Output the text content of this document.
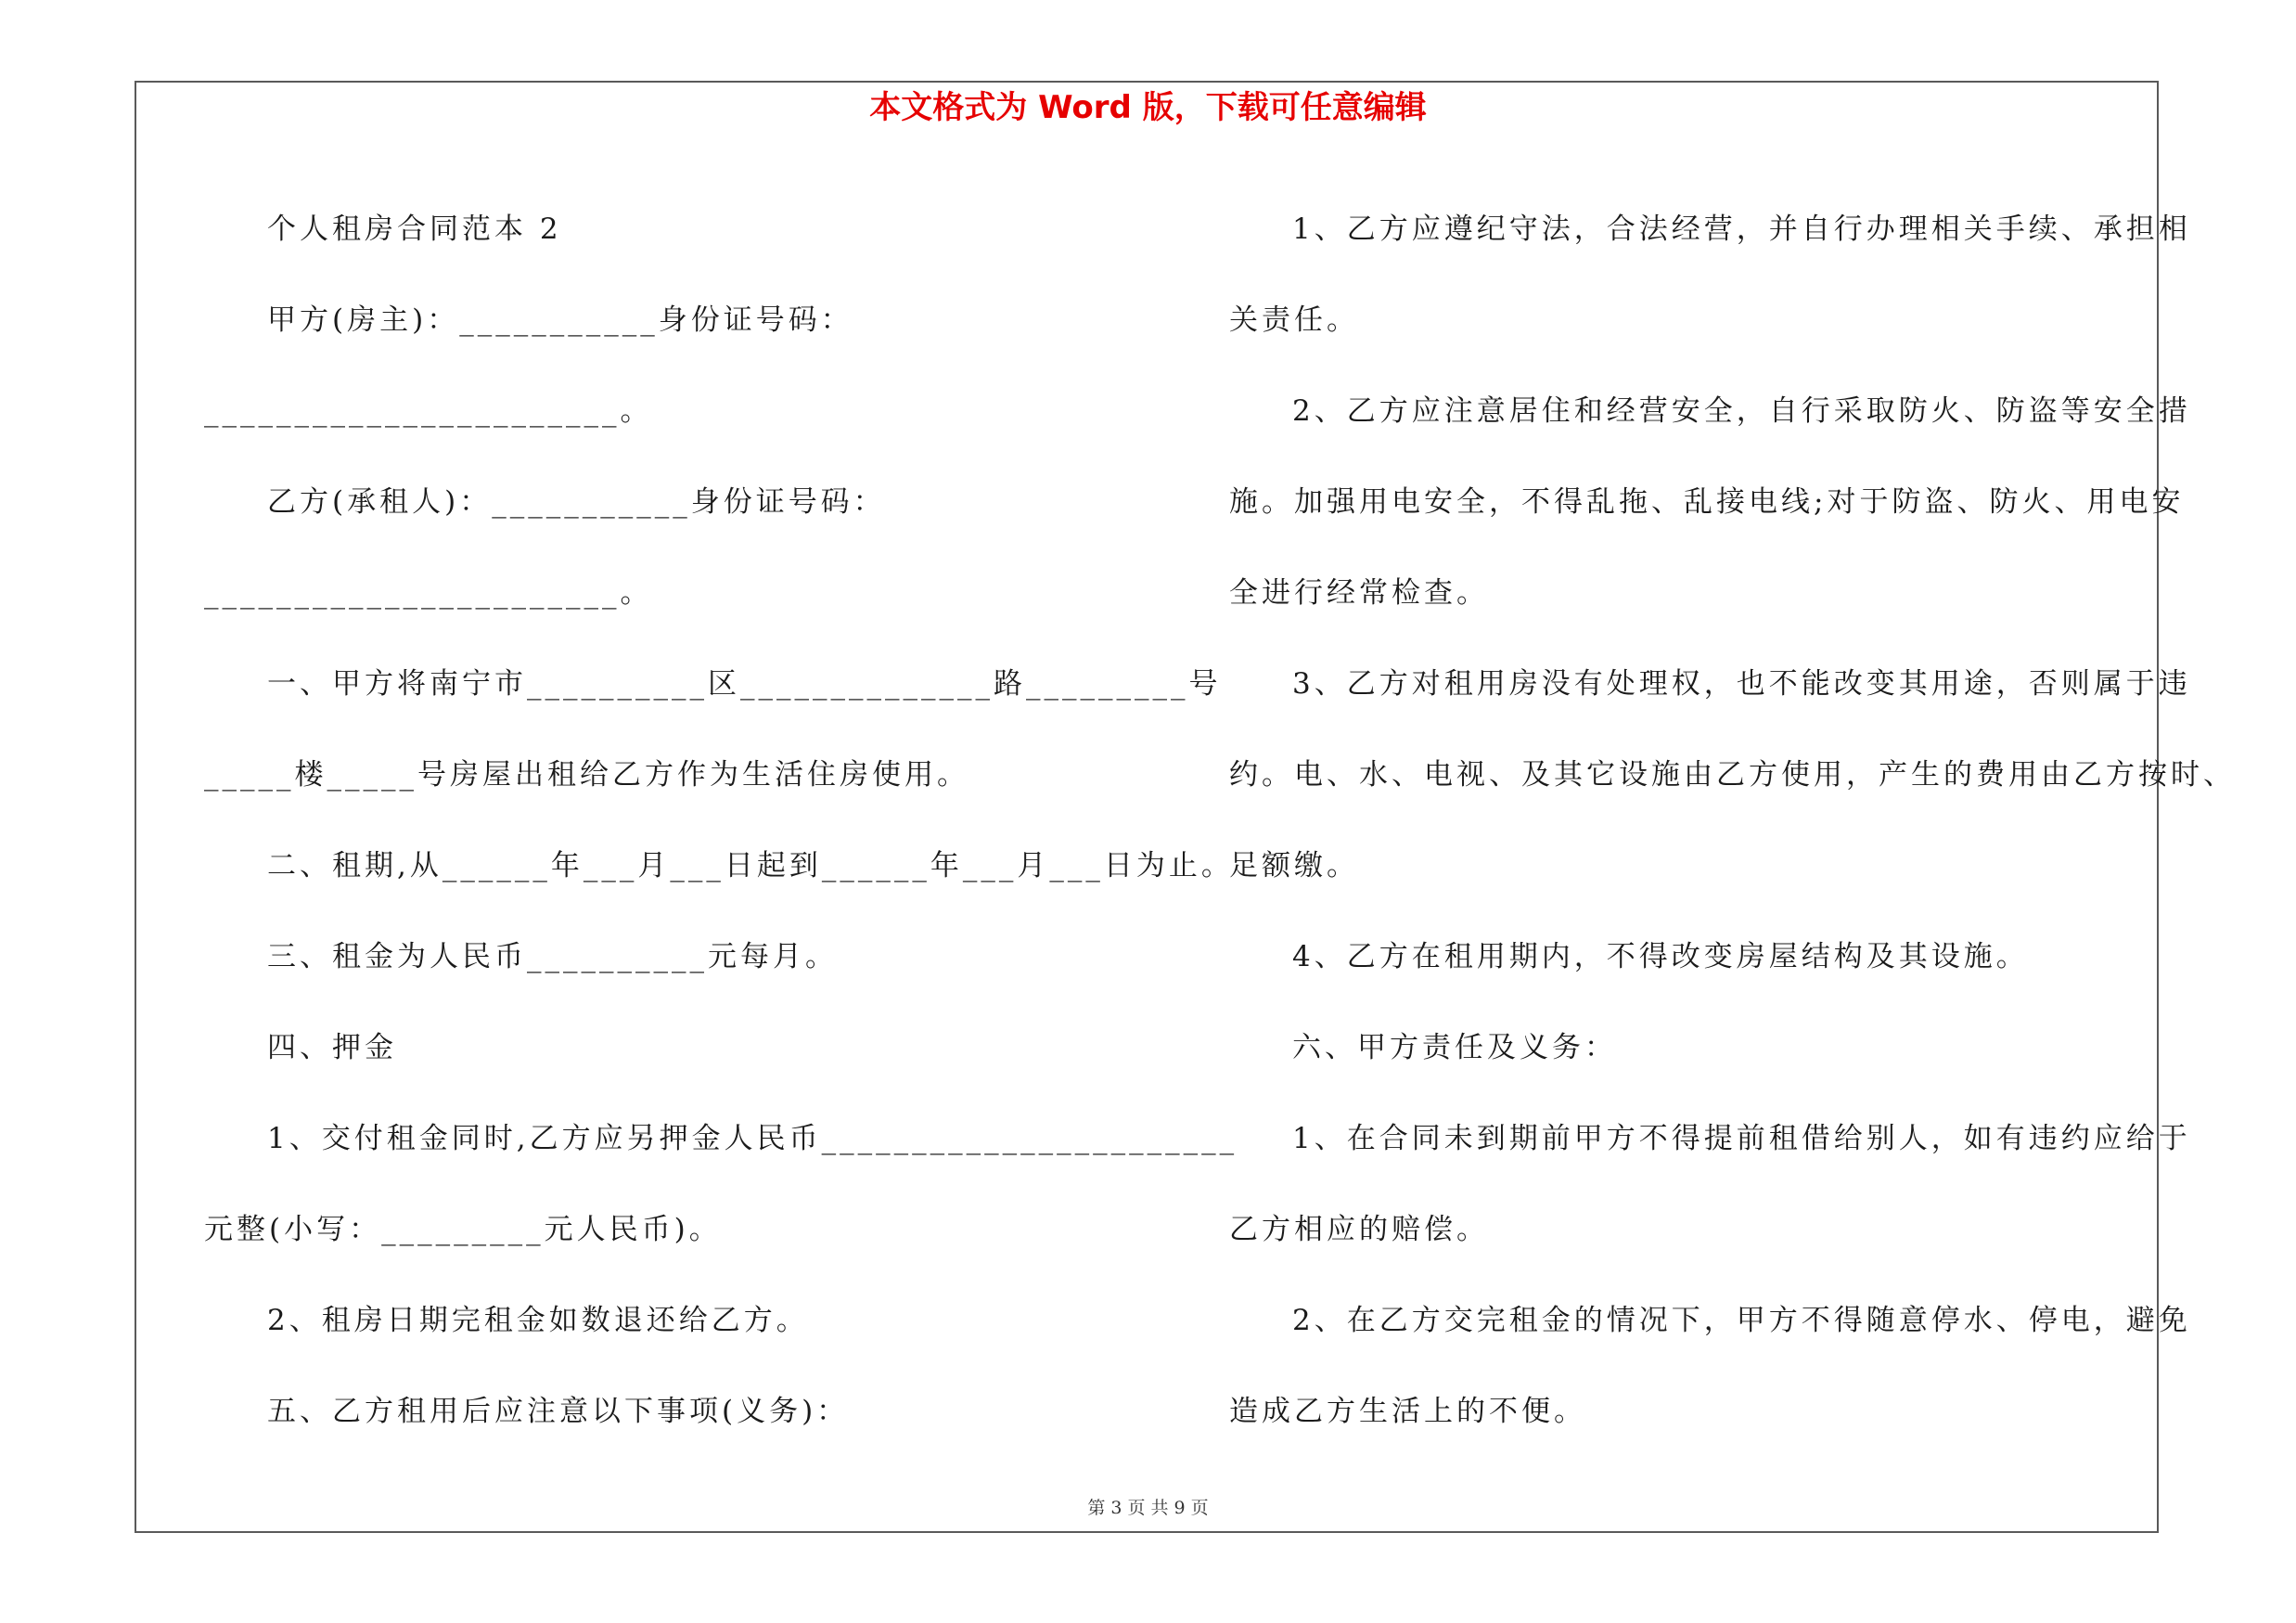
本文格式为 Word 版，下载可任意编辑
个人租房合同范本 2
甲方(房主)：___________身份证号码：
_______________________。
乙方(承租人)：___________身份证号码：
_______________________。
一、甲方将南宁市__________区______________路_________号
_____楼_____号房屋出租给乙方作为生活住房使用。
二、租期,从______年___月___日起到______年___月___日为止。
三、租金为人民币__________元每月。
四、押金
1、交付租金同时,乙方应另押金人民币_______________________
元整(小写：_________元人民币)。
2、租房日期完租金如数退还给乙方。
五、乙方租用后应注意以下事项(义务)：
1、乙方应遵纪守法，合法经营，并自行办理相关手续、承担相
关责任。
2、乙方应注意居住和经营安全，自行采取防火、防盗等安全措
施。加强用电安全，不得乱拖、乱接电线;对于防盗、防火、用电安
全进行经常检查。
3、乙方对租用房没有处理权，也不能改变其用途，否则属于违
约。电、水、电视、及其它设施由乙方使用，产生的费用由乙方按时、
足额缴。
4、乙方在租用期内，不得改变房屋结构及其设施。
六、甲方责任及义务：
1、在合同未到期前甲方不得提前租借给别人，如有违约应给于
乙方相应的赔偿。
2、在乙方交完租金的情况下，甲方不得随意停水、停电，避免
造成乙方生活上的不便。
第 3 页 共 9 页
